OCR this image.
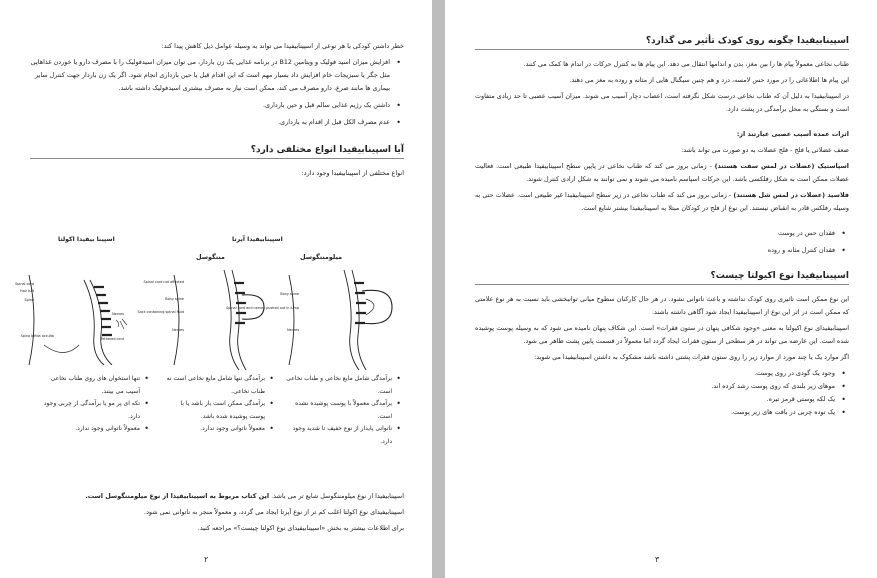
خطر داشتن کودکی با هر نوعی از اسپینابیفیدا می تواند به وسیله عوامل ذیل کاهش پیدا کند:
• افزایش میزان اسید فولیک و ویتامین B12 در برنامه غذایی یک زن باردار، می توان میزان اسیدفولیک را با مصرف دارو یا خوردن غذاهایی مثل جگر یا سبزیجات خام افزایش داد بسیار مهم است که این اقدام قبل یا حین بارداری انجام شود. اگر یک زن باردار جهت کنترل سایر بیماری ها مانند صرع، دارو مصرف می کند، ممکن است نیاز به مصرف بیشتری اسیدفولیک داشته باشد.
• داشتن یک رژیم غذایی سالم قبل و حین بارداری.
• عدم مصرف الکل قبل از اقدام به بارداری.
آیا اسپینابیفیدا انواع مختلفی دارد؟
انواع مختلفی از اسپینابیفیدا وجود دارد:
اسپینا بیفیدا اکولتا	اسپینابیفیدا آپرتا
مننگوسل	میلومننگوسل
Spinal cord
Hair tuft
Spine
Spina bifida occulta
Nerves
Tethered cord
Spinal cord not affected
Bony spine
Sack containing spinal fluid
Nerves
Bony spine
Spinal cord and nerves pushed out in lump
Nerves
• برآمدگی شامل مایع نخاعی و طناب نخاعی است.
• برآمدگی معمولاً با پوست پوشیده نشده است.
• ناتوانی پایدار از نوع خفیف تا شدید وجود دارد.
• برآمدگی تنها شامل مایع نخاعی است نه طناب نخاعی.
• برآمدگی ممکن است باز باشد یا با پوست پوشیده شده باشد.
• معمولاً ناتوانی وجود ندارد.
• تنها استخوان های روی طناب نخاعی آسیب می بینند.
• تکه ای پر مو یا برآمدگی از چربی وجود دارد.
• معمولاً ناتوانی وجود ندارد.
اسپینابیفیدا از نوع میلومننگوسل شایع تر می باشد. این کتاب مربوط به اسپینابیفیدا از نوع میلومننگوسل است.
اسپینابیفیدای نوع اکولتا اغلب کم تر از نوع آپرتا ایجاد می گردد، و معمولاً منجر به ناتوانی نمی شود.
برای اطلاعات بیشتر به بخش «اسپینابیفیدای نوع اکولتا چیست؟» مراجعه کنید.
۲
اسپینابیفیدا چگونه روی کودک تأثیر می گذارد؟
طناب نخاعی معمولاً پیام ها را بین مغز، بدن و اندامها انتقال می دهد. این پیام ها به کنترل حرکات در اندام ها کمک می کنند.
این پیام ها اطلاعاتی را در مورد حس لامسه، درد و هم چنین سیگنال هایی از مثانه و روده به مغز می دهند.
در اسپینابیفیدا به دلیل آن که طناب نخاعی درست شکل نگرفته است، اعصاب دچار آسیب می شوند. میزان آسیب عصبی تا حد زیادی متفاوت است و بستگی به محل برآمدگی در پشت دارد.
اثرات عمده آسیب عصبی عبارتند از:
ضعف عضلانی یا فلج - فلج عضلات به دو صورت می تواند باشد:
اسپاستیک (عضلات در لمس سفت هستند) - زمانی بروز می کند که طناب نخاعی در پایین سطح اسپینابیفیدا طبیعی است. فعالیت عضلات ممکن است به شکل رفلکسی باشد. این حرکات اسپاسم نامیده می شوند و نمی توانند به شکل ارادی کنترل شوند.
فلاسید (عضلات در لمس شل هستند) - زمانی بروز می کند که طناب نخاعی در زیر سطح اسپینابیفیدا غیر طبیعی است. عضلات حتی به وسیله رفلکس قادر به انقباض نیستند. این نوع از فلج در کودکان مبتلا به اسپینابیفیدا بیشتر شایع است.
• فقدان حس در پوست
• فقدان کنترل مثانه و روده
اسپینابیفیدا نوع اکیولتا چیست؟
این نوع ممکن است تاثیری روی کودک نداشته و باعث ناتوانی نشود. در هر حال کارکنان سطوح میانی توانبخشی باید نسبت به هر نوع علامتی که ممکن است در اثر این نوع از اسپینابیفیدا ایجاد شود آگاهی داشته باشند.
اسپینابیفیدای نوع اکیولتا به معنی «وجود شکافی پنهان در ستون فقرات» است. این شکاف پنهان نامیده می شود که به وسیله پوست پوشیده شده است. این عارضه می تواند در هر سطحی از ستون فقرات ایجاد گردد اما معمولاً در قسمت پایین پشت ظاهر می شود.
اگر موارد یک یا چند مورد از موارد زیر را روی ستون فقرات پشتی داشته باشد مشکوک به داشتن اسپینابیفیدا می شوید:
• وجود یک گودی در روی پوست.
• موهای زیر بلندی که روی پوست رشد کرده اند.
• یک لکه پوستی قرمز تیره.
• یک توده چربی در بافت های زیر پوست.
۳
